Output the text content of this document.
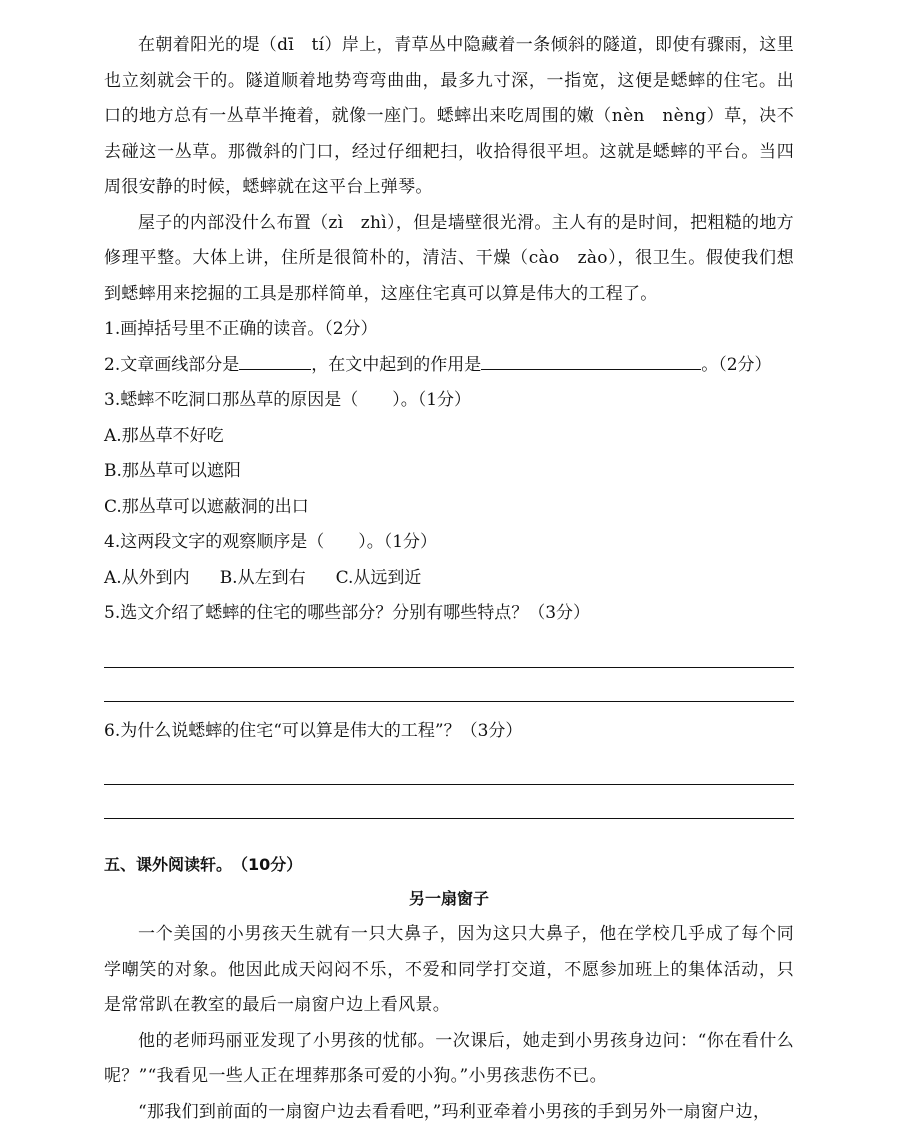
在朝着阳光的堤（dī　tí）岸上，青草丛中隐藏着一条倾斜的隧道，即使有骤雨，这里也立刻就会干的。隧道顺着地势弯弯曲曲，最多九寸深，一指宽，这便是蟋蟀的住宅。出口的地方总有一丛草半掩着，就像一座门。蟋蟀出来吃周围的嫩（nèn　nèng）草，决不去碰这一丛草。那微斜的门口，经过仔细耙扫，收拾得很平坦。这就是蟋蟀的平台。当四周很安静的时候，蟋蟀就在这平台上弹琴。

屋子的内部没什么布置（zì　zhì），但是墙壁很光滑。主人有的是时间，把粗糙的地方修理平整。大体上讲，住所是很简朴的，清洁、干燥（cào　zào），很卫生。假使我们想到蟋蟀用来挖掘的工具是那样简单，这座住宅真可以算是伟大的工程了。

1.画掉括号里不正确的读音。（2分）

2.文章画线部分是	，在文中起到的作用是	。（2分）

3.蟋蟀不吃洞口那丛草的原因是（　　）。（1分）

A.那丛草不好吃

B.那丛草可以遮阳

C.那丛草可以遮蔽洞的出口

4.这两段文字的观察顺序是（　　）。（1分）

A.从外到内 B.从左到右 C.从远到近

5.选文介绍了蟋蟀的住宅的哪些部分？分别有哪些特点？（3分）

6.为什么说蟋蟀的住宅“可以算是伟大的工程”？（3分）

五、课外阅读轩。　（10分）

另一扇窗子

一个美国的小男孩天生就有一只大鼻子，因为这只大鼻子，他在学校几乎成了每个同学嘲笑的对象。他因此成天闷闷不乐，不爱和同学打交道，不愿参加班上的集体活动，只是常常趴在教室的最后一扇窗户边上看风景。

他的老师玛丽亚发现了小男孩的忧郁。一次课后，她走到小男孩身边问：“你在看什么呢？”“我看见一些人正在埋葬那条可爱的小狗。”小男孩悲伤不已。

“那我们到前面的一扇窗户边去看看吧，”玛利亚牵着小男孩的手到另外一扇窗户边，
